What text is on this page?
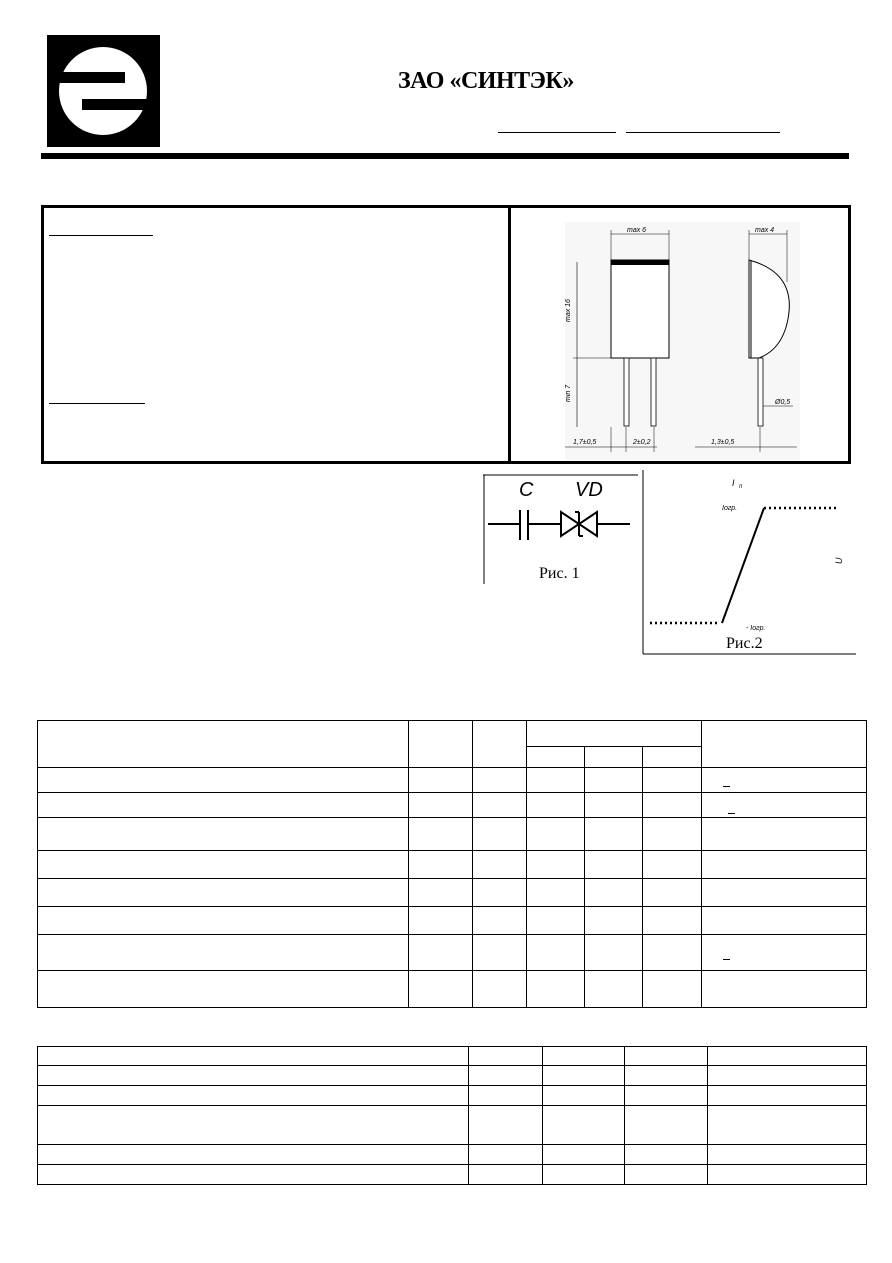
ЗАО «СИНТЭК»
max 6
max 16
min 7
1,7±0,5	2±0,2
max 4
Ø0,5
1,3±0,5
C VD
Рис. 1
I п
U
Iогр.
- Iогр.
Рис.2
